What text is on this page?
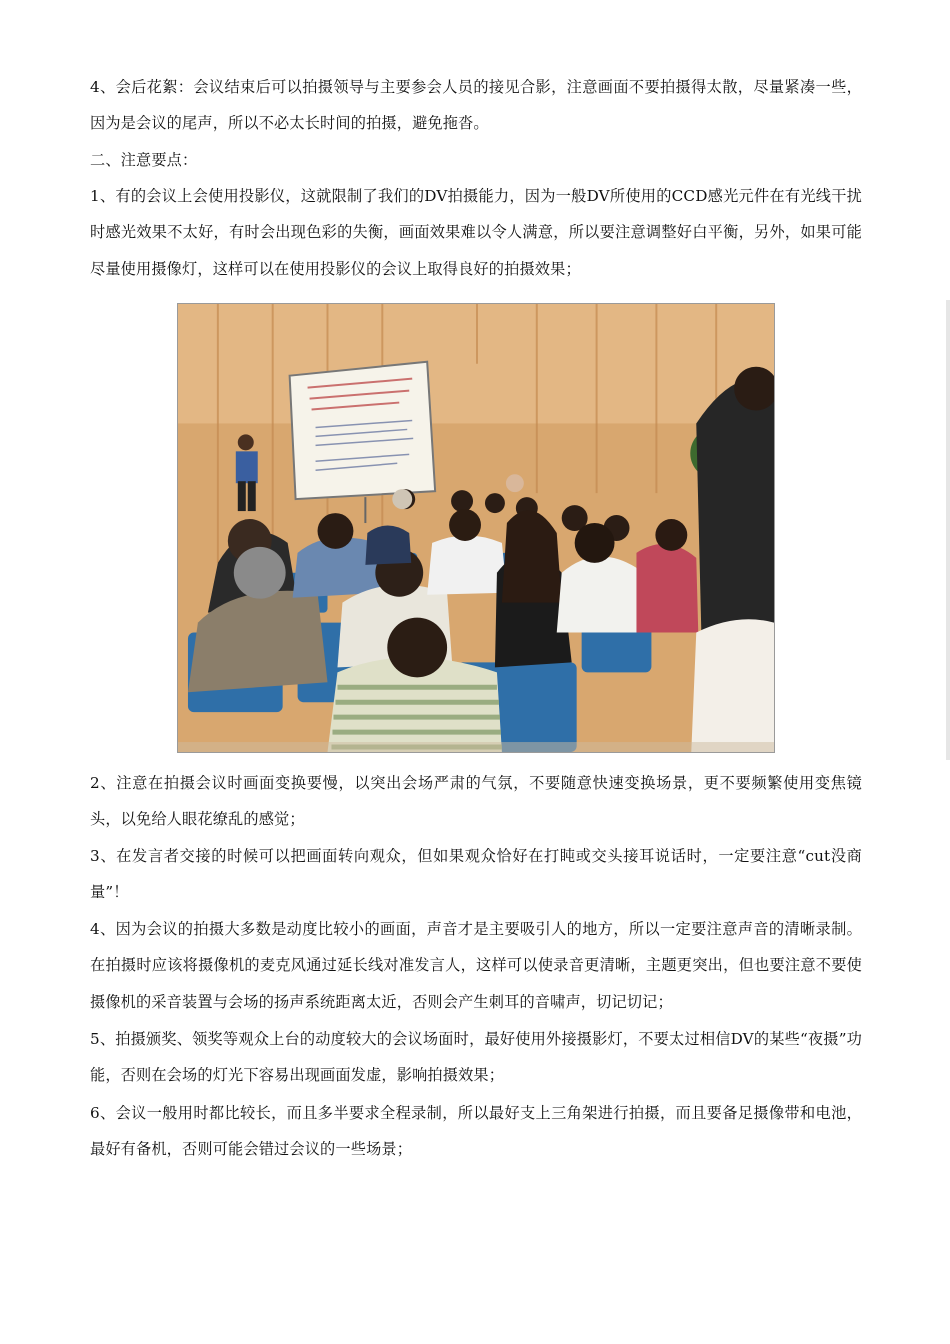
4、会后花絮：会议结束后可以拍摄领导与主要参会人员的接见合影，注意画面不要拍摄得太散，尽量紧凑一些，因为是会议的尾声，所以不必太长时间的拍摄，避免拖沓。

二、注意要点：

1、有的会议上会使用投影仪，这就限制了我们的DV拍摄能力，因为一般DV所使用的CCD感光元件在有光线干扰时感光效果不太好，有时会出现色彩的失衡，画面效果难以令人满意，所以要注意调整好白平衡，另外，如果可能尽量使用摄像灯，这样可以在使用投影仪的会议上取得良好的拍摄效果；

2、注意在拍摄会议时画面变换要慢，以突出会场严肃的气氛，不要随意快速变换场景，更不要频繁使用变焦镜头，以免给人眼花缭乱的感觉；

3、在发言者交接的时候可以把画面转向观众，但如果观众恰好在打盹或交头接耳说话时，一定要注意“cut没商量”！

4、因为会议的拍摄大多数是动度比较小的画面，声音才是主要吸引人的地方，所以一定要注意声音的清晰录制。在拍摄时应该将摄像机的麦克风通过延长线对准发言人，这样可以使录音更清晰，主题更突出，但也要注意不要使摄像机的采音装置与会场的扬声系统距离太近，否则会产生刺耳的音啸声，切记切记；

5、拍摄颁奖、领奖等观众上台的动度较大的会议场面时，最好使用外接摄影灯，不要太过相信DV的某些“夜摄”功能，否则在会场的灯光下容易出现画面发虚，影响拍摄效果；

6、会议一般用时都比较长，而且多半要求全程录制，所以最好支上三角架进行拍摄，而且要备足摄像带和电池，最好有备机，否则可能会错过会议的一些场景；
